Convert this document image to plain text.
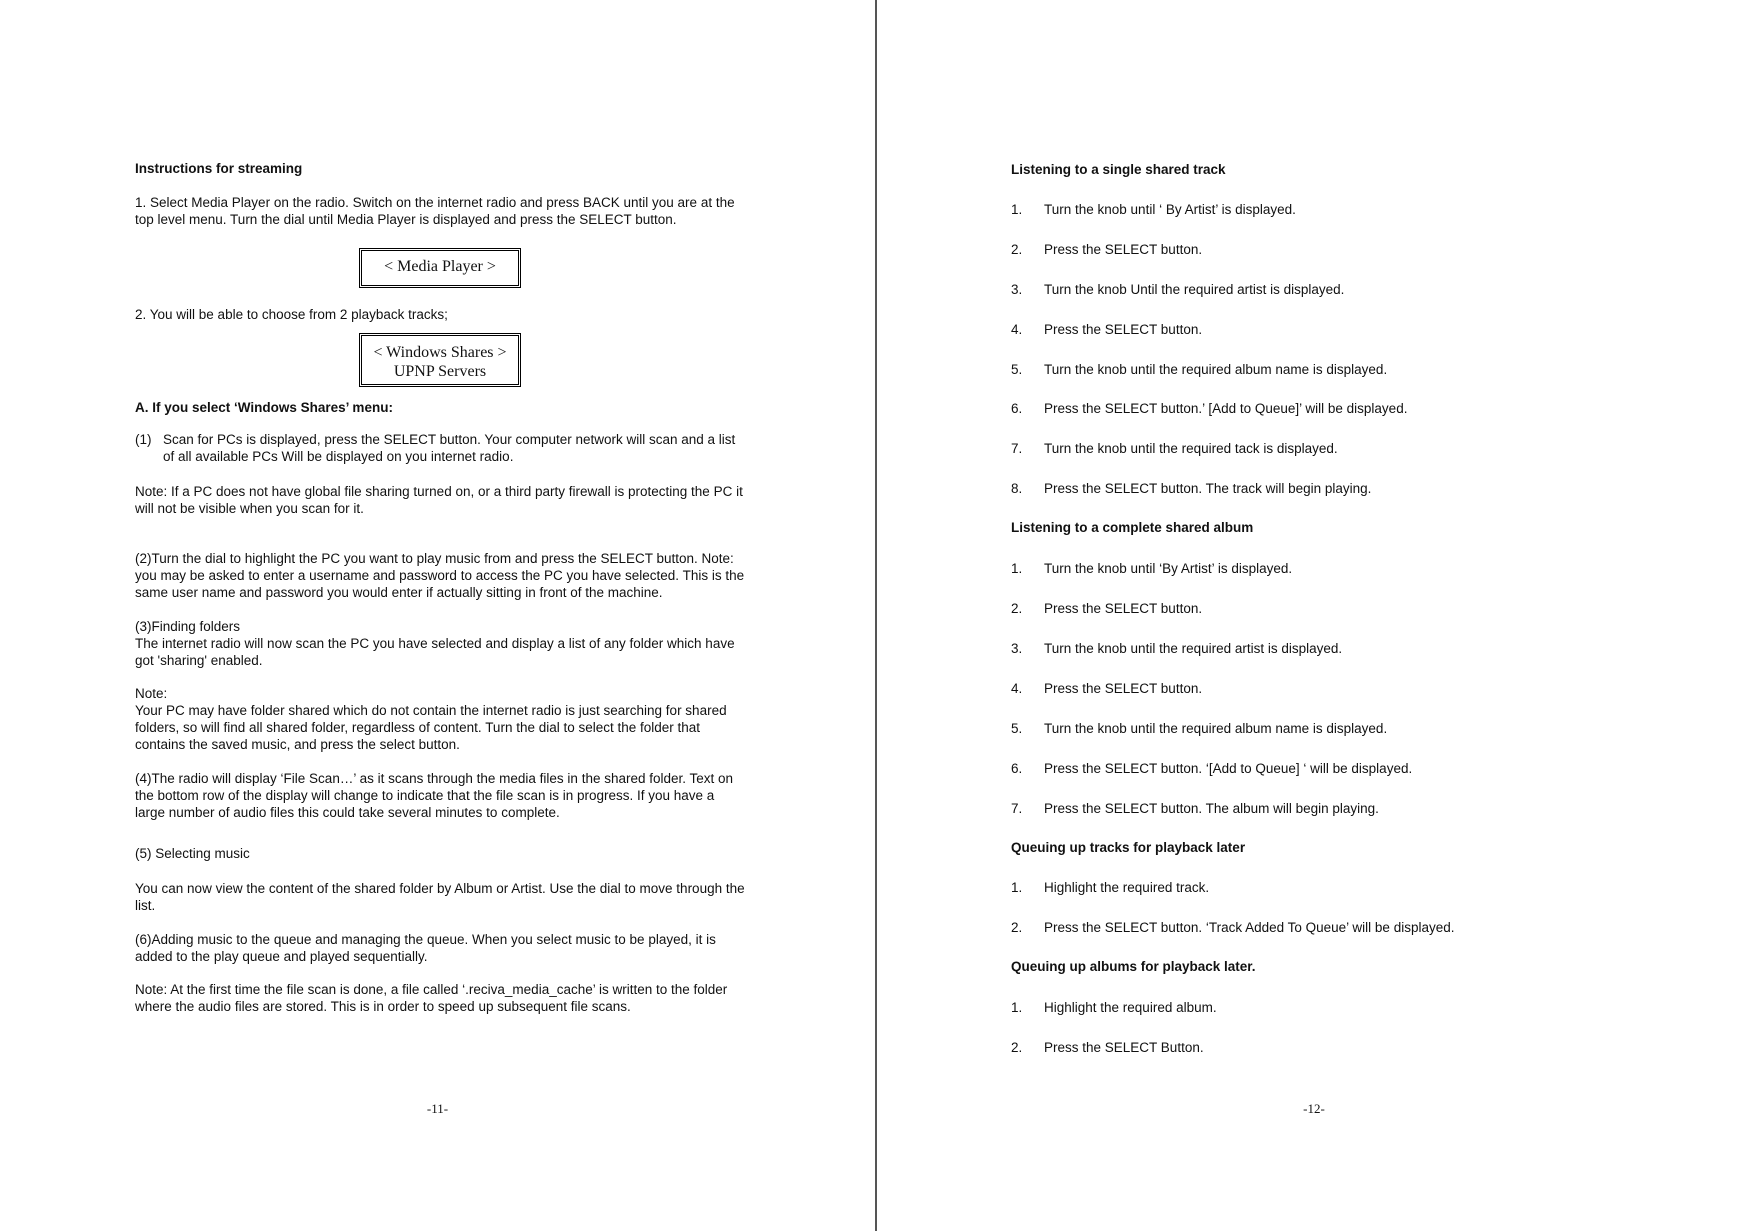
Instructions for streaming

1. Select Media Player on the radio. Switch on the internet radio and press BACK until you are at the top level menu. Turn the dial until Media Player is displayed and press the SELECT button.

< Media Player >

2. You will be able to choose from 2 playback tracks;

< Windows Shares >
UPNP Servers
A. If you select ‘Windows Shares’ menu:
(1) Scan for PCs is displayed, press the SELECT button. Your computer network will scan and a list of all available PCs Will be displayed on you internet radio.

Note: If a PC does not have global file sharing turned on, or a third party firewall is protecting the PC it will not be visible when you scan for it.

(2)Turn the dial to highlight the PC you want to play music from and press the SELECT button. Note: you may be asked to enter a username and password to access the PC you have selected. This is the same user name and password you would enter if actually sitting in front of the machine.

(3)Finding folders

The internet radio will now scan the PC you have selected and display a list of any folder which have got 'sharing' enabled.

Note:

Your PC may have folder shared which do not contain the internet radio is just searching for shared folders, so will find all shared folder, regardless of content. Turn the dial to select the folder that contains the saved music, and press the select button.

(4)The radio will display ‘File Scan…’ as it scans through the media files in the shared folder. Text on the bottom row of the display will change to indicate that the file scan is in progress. If you have a large number of audio files this could take several minutes to complete.

(5) Selecting music

You can now view the content of the shared folder by Album or Artist. Use the dial to move through the list.

(6)Adding music to the queue and managing the queue. When you select music to be played, it is added to the play queue and played sequentially.

Note: At the first time the file scan is done, a file called ‘.reciva_media_cache’ is written to the folder where the audio files are stored. This is in order to speed up subsequent file scans.

-11-
Listening to a single shared track
1. Turn the knob until ‘ By Artist’ is displayed.
2. Press the SELECT button.
3. Turn the knob Until the required artist is displayed.
4. Press the SELECT button.
5. Turn the knob until the required album name is displayed.
6. Press the SELECT button.’ [Add to Queue]’ will be displayed.
7. Turn the knob until the required tack is displayed.
8. Press the SELECT button. The track will begin playing.
Listening to a complete shared album
1. Turn the knob until ‘By Artist’ is displayed.
2. Press the SELECT button.
3. Turn the knob until the required artist is displayed.
4. Press the SELECT button.
5. Turn the knob until the required album name is displayed.
6. Press the SELECT button. ‘[Add to Queue] ‘ will be displayed.
7. Press the SELECT button. The album will begin playing.
Queuing up tracks for playback later
1. Highlight the required track.
2. Press the SELECT button. ‘Track Added To Queue’ will be displayed.
Queuing up albums for playback later.
1. Highlight the required album.
2. Press the SELECT Button.
-12-
